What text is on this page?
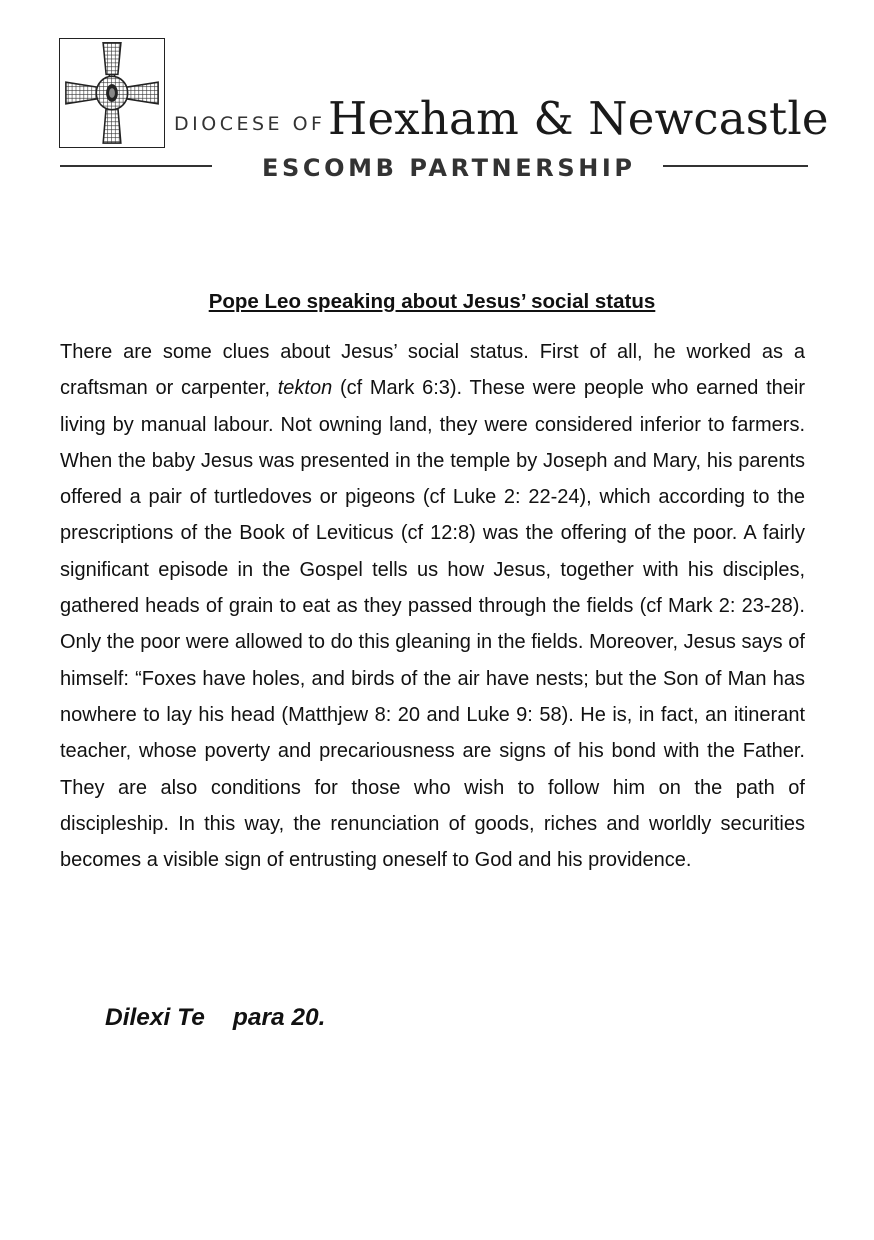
DIOCESE OF Hexham & Newcastle
ESCOMB PARTNERSHIP
Pope Leo speaking about Jesus’ social status

There are some clues about Jesus’ social status. First of all, he worked as a craftsman or carpenter, tekton (cf Mark 6:3). These were people who earned their living by manual labour. Not owning land, they were considered inferior to farmers. When the baby Jesus was presented in the temple by Joseph and Mary, his parents offered a pair of turtledoves or pigeons (cf Luke 2: 22-24), which according to the prescriptions of the Book of Leviticus (cf 12:8) was the offering of the poor. A fairly significant episode in the Gospel tells us how Jesus, together with his disciples, gathered heads of grain to eat as they passed through the fields (cf Mark 2: 23-28). Only the poor were allowed to do this gleaning in the fields. Moreover, Jesus says of himself: “Foxes have holes, and birds of the air have nests; but the Son of Man has nowhere to lay his head (Matthjew 8: 20 and Luke 9: 58). He is, in fact, an itinerant teacher, whose poverty and precariousness are signs of his bond with the Father. They are also conditions for those who wish to follow him on the path of discipleship. In this way, the renunciation of goods, riches and worldly securities becomes a visible sign of entrusting oneself to God and his providence.

Dilexi Te para 20.
